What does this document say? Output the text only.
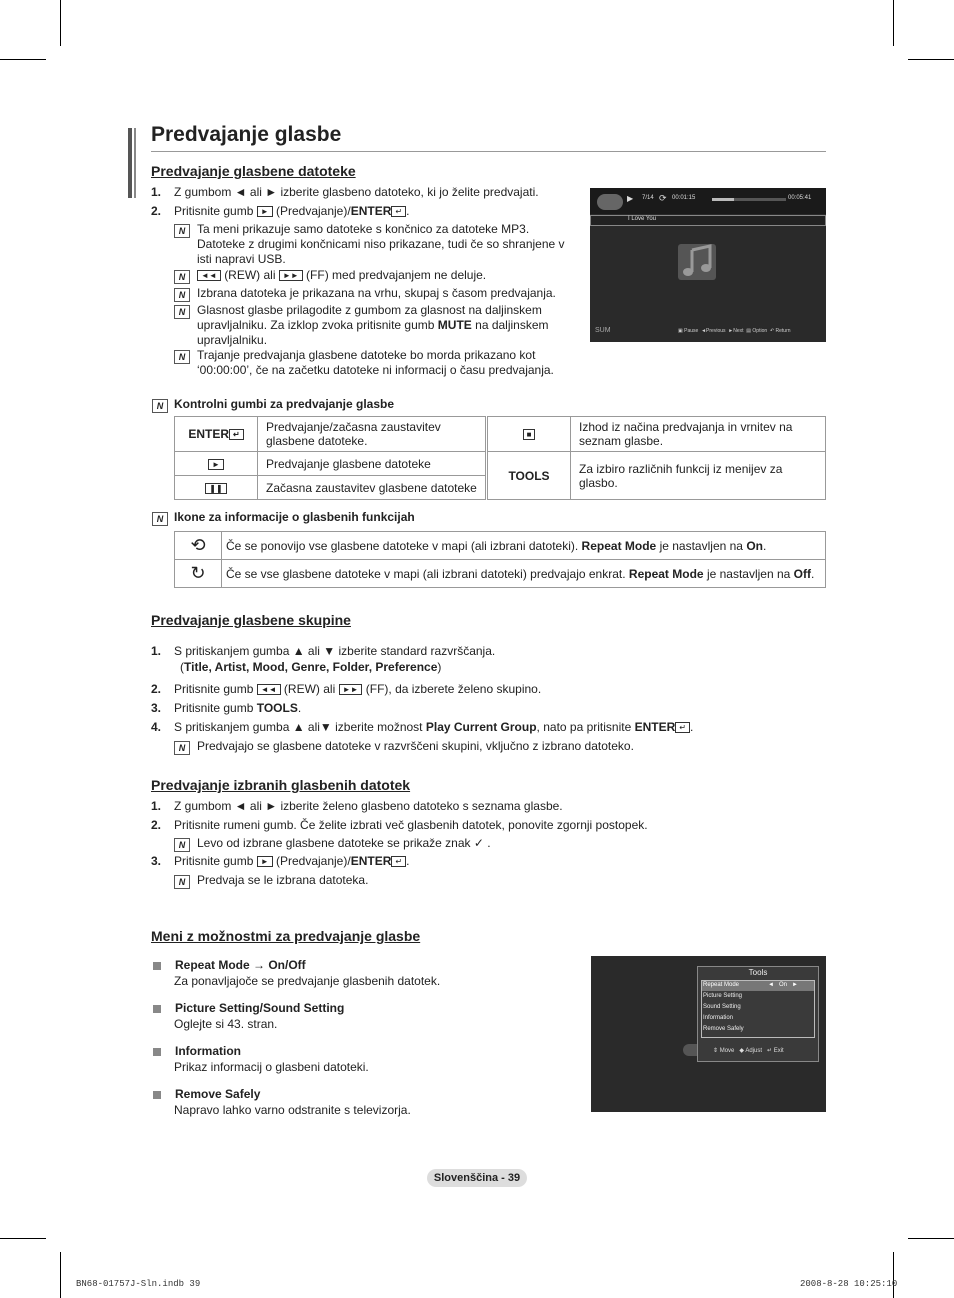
Predvajanje glasbe
Predvajanje glasbene datoteke
1. Z gumbom ◄ ali ► izberite glasbeno datoteko, ki jo želite predvajati.
2. Pritisnite gumb ► (Predvajanje)/ENTER ↵ .
N Ta meni prikazuje samo datoteke s končnico za datoteke MP3. Datoteke z drugimi končnicami niso prikazane, tudi če so shranjene v isti napravi USB.
N	◄◄ (REW) ali ►► (FF) med predvajanjem ne deluje.
N Izbrana datoteka je prikazana na vrhu, skupaj s časom predvajanja.
N Glasnost glasbe prilagodite z gumbom za glasnost na daljinskem upravljalniku. Za izklop zvoka pritisnite gumb MUTE na daljinskem upravljalniku.
N Trajanje predvajanja glasbene datoteke bo morda prikazano kot ‘00:00:00’, če na začetku datoteke ni informacij o času predvajanja.
▶ 7/14 ⟳ 00:01:15	00:05:41
I Love You
SUM	▣ Pause ◄Previous ►Next ▤ Option ↶ Return
N Kontrolni gumbi za predvajanje glasbe
ENTER ↵	Predvajanje/začasna zaustavitev glasbene datoteke.	■	Izhod iz načina predvajanja in vrnitev na seznam glasbe.
►	Predvajanje glasbene datoteke	TOOLS	Za izbiro različnih funkcij iz menijev za glasbo.
❚❚	Začasna zaustavitev glasbene datoteke		
N Ikone za informacije o glasbenih funkcijah
⟲	Če se ponovijo vse glasbene datoteke v mapi (ali izbrani datoteki). Repeat Mode je nastavljen na On.
↻	Če se vse glasbene datoteke v mapi (ali izbrani datoteki) predvajajo enkrat. Repeat Mode je nastavljen na Off.
Predvajanje glasbene skupine
1. S pritiskanjem gumba ▲ ali ▼ izberite standard razvrščanja.
(Title, Artist, Mood, Genre, Folder, Preference)
2. Pritisnite gumb ◄◄ (REW) ali ►► (FF), da izberete želeno skupino.
3. Pritisnite gumb TOOLS.
4. S pritiskanjem gumba ▲ ali▼ izberite možnost Play Current Group, nato pa pritisnite ENTER ↵ .
N Predvajajo se glasbene datoteke v razvrščeni skupini, vključno z izbrano datoteko.
Predvajanje izbranih glasbenih datotek
1. Z gumbom ◄ ali ► izberite želeno glasbeno datoteko s seznama glasbe.
2. Pritisnite rumeni gumb. Če želite izbrati več glasbenih datotek, ponovite zgornji postopek.
N Levo od izbrane glasbene datoteke se prikaže znak ✓ .
3. Pritisnite gumb ► (Predvajanje)/ENTER ↵ .
N Predvaja se le izbrana datoteka.
Meni z možnostmi za predvajanje glasbe
Repeat Mode → On/Off
Za ponavljajoče se predvajanje glasbenih datotek.
Picture Setting/Sound Setting
Oglejte si 43. stran.
Information
Prikaz informacij o glasbeni datoteki.
Remove Safely
Napravo lahko varno odstranite s televizorja.
Tools
Repeat Mode	◄   On   ►
Picture Setting
Sound Setting
Information
Remove Safely
⇕ Move   ◆ Adjust   ↵ Exit
Slovenščina - 39
BN68-01757J-Sln.indb 39	2008-8-28 10:25:10
